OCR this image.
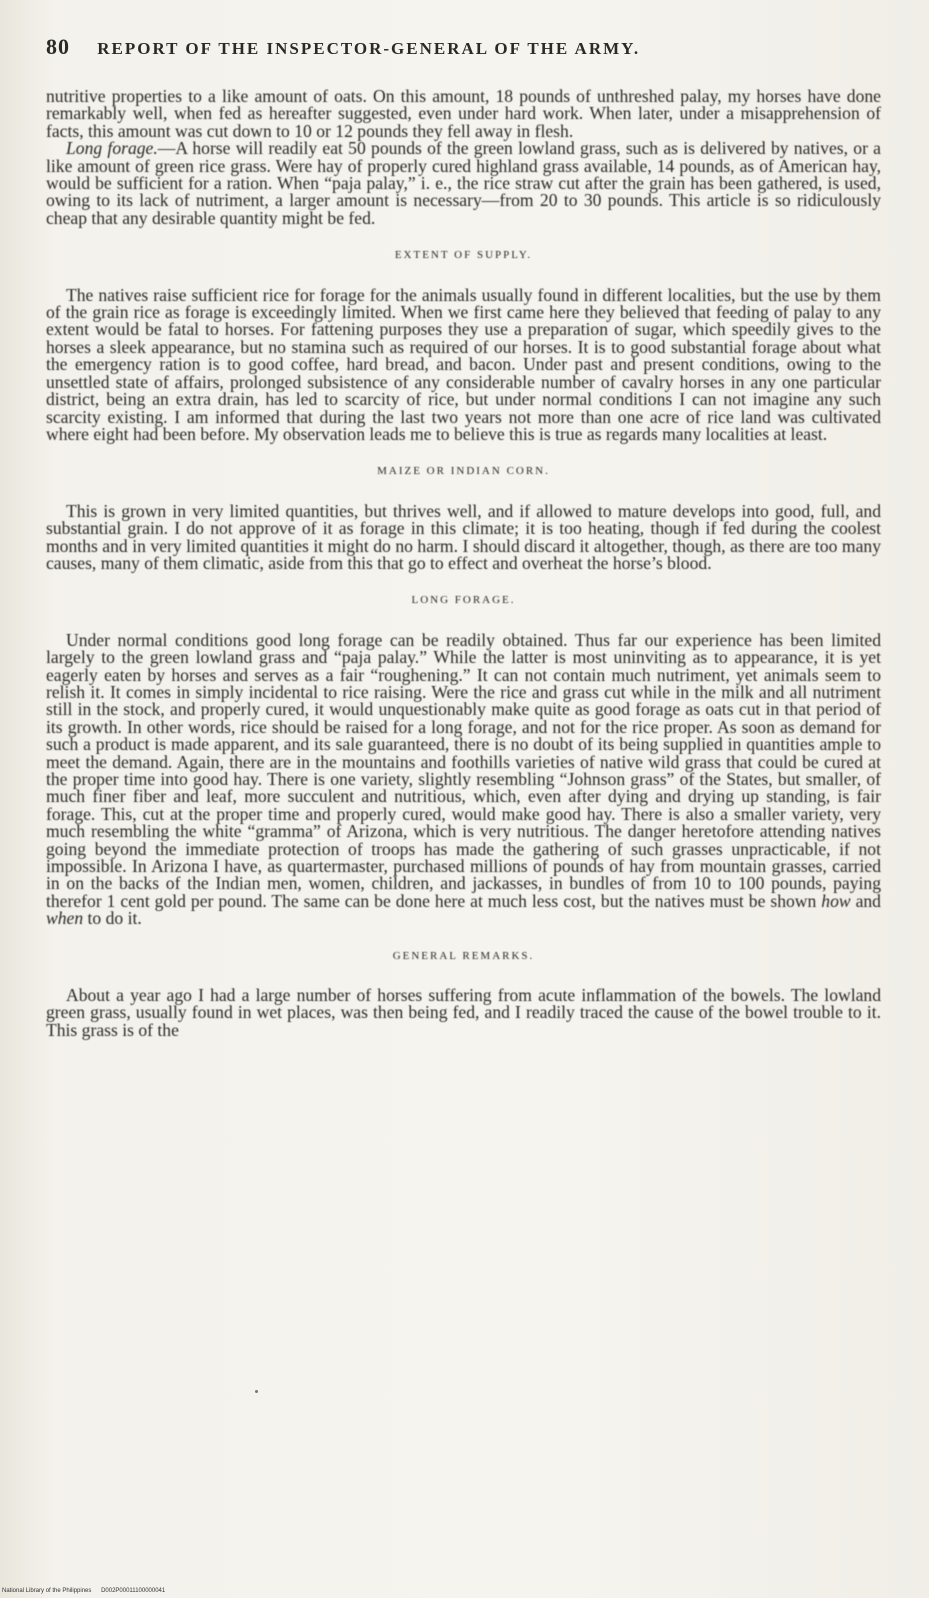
80 REPORT OF THE INSPECTOR-GENERAL OF THE ARMY.

nutritive properties to a like amount of oats. On this amount, 18 pounds of unthreshed palay, my horses have done remarkably well, when fed as hereafter suggested, even under hard work. When later, under a misapprehension of facts, this amount was cut down to 10 or 12 pounds they fell away in flesh.

Long forage.—A horse will readily eat 50 pounds of the green lowland grass, such as is delivered by natives, or a like amount of green rice grass. Were hay of properly cured highland grass available, 14 pounds, as of American hay, would be sufficient for a ration. When “paja palay,” i. e., the rice straw cut after the grain has been gathered, is used, owing to its lack of nutriment, a larger amount is necessary—from 20 to 30 pounds. This article is so ridiculously cheap that any desirable quantity might be fed.

EXTENT OF SUPPLY.

The natives raise sufficient rice for forage for the animals usually found in different localities, but the use by them of the grain rice as forage is exceedingly limited. When we first came here they believed that feeding of palay to any extent would be fatal to horses. For fattening purposes they use a preparation of sugar, which speedily gives to the horses a sleek appearance, but no stamina such as required of our horses. It is to good substantial forage about what the emergency ration is to good coffee, hard bread, and bacon. Under past and present conditions, owing to the unsettled state of affairs, prolonged subsistence of any considerable number of cavalry horses in any one particular district, being an extra drain, has led to scarcity of rice, but under normal conditions I can not imagine any such scarcity existing. I am informed that during the last two years not more than one acre of rice land was cultivated where eight had been before. My observation leads me to believe this is true as regards many localities at least.

MAIZE OR INDIAN CORN.

This is grown in very limited quantities, but thrives well, and if allowed to mature develops into good, full, and substantial grain. I do not approve of it as forage in this climate; it is too heating, though if fed during the coolest months and in very limited quantities it might do no harm. I should discard it altogether, though, as there are too many causes, many of them climatic, aside from this that go to effect and overheat the horse’s blood.

LONG FORAGE.

Under normal conditions good long forage can be readily obtained. Thus far our experience has been limited largely to the green lowland grass and “paja palay.” While the latter is most uninviting as to appearance, it is yet eagerly eaten by horses and serves as a fair “roughening.” It can not contain much nutriment, yet animals seem to relish it. It comes in simply incidental to rice raising. Were the rice and grass cut while in the milk and all nutriment still in the stock, and properly cured, it would unquestionably make quite as good forage as oats cut in that period of its growth. In other words, rice should be raised for a long forage, and not for the rice proper. As soon as demand for such a product is made apparent, and its sale guaranteed, there is no doubt of its being supplied in quantities ample to meet the demand. Again, there are in the mountains and foothills varieties of native wild grass that could be cured at the proper time into good hay. There is one variety, slightly resembling “Johnson grass” of the States, but smaller, of much finer fiber and leaf, more succulent and nutritious, which, even after dying and drying up standing, is fair forage. This, cut at the proper time and properly cured, would make good hay. There is also a smaller variety, very much resembling the white “gramma” of Arizona, which is very nutritious. The danger heretofore attending natives going beyond the immediate protection of troops has made the gathering of such grasses unpracticable, if not impossible. In Arizona I have, as quartermaster, purchased millions of pounds of hay from mountain grasses, carried in on the backs of the Indian men, women, children, and jackasses, in bundles of from 10 to 100 pounds, paying therefor 1 cent gold per pound. The same can be done here at much less cost, but the natives must be shown how and when to do it.

GENERAL REMARKS.

About a year ago I had a large number of horses suffering from acute inflammation of the bowels. The lowland green grass, usually found in wet places, was then being fed, and I readily traced the cause of the bowel trouble to it. This grass is of the

National Library of the Philippines D002P00011100000041
